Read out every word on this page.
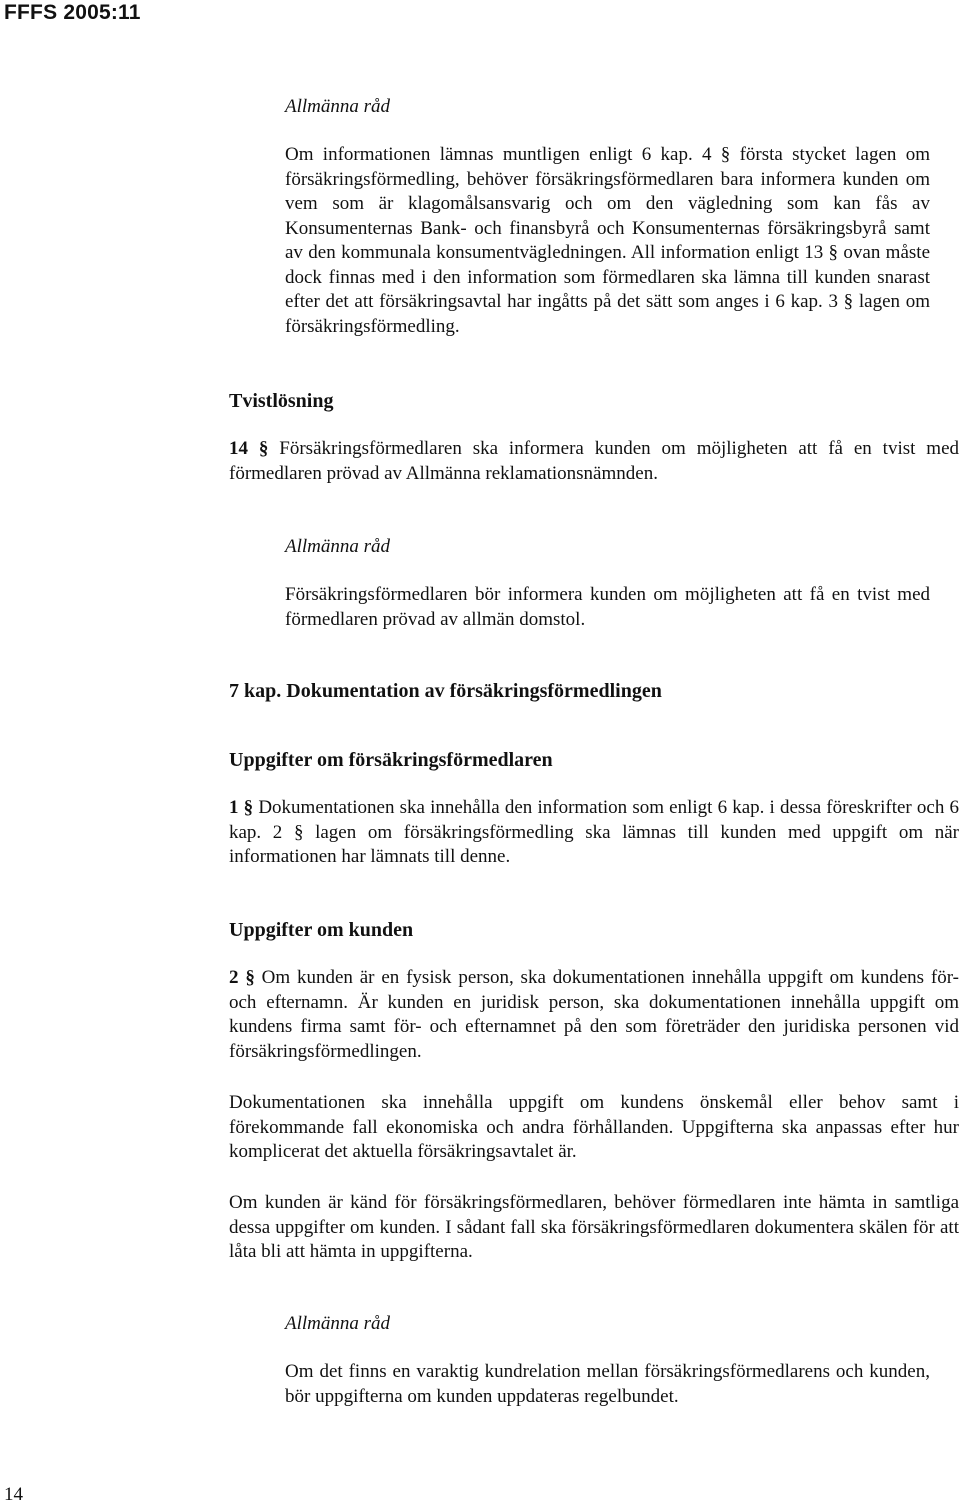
FFFS 2005:11
Allmänna råd
Om informationen lämnas muntligen enligt 6 kap. 4 § första stycket lagen om försäkringsförmedling, behöver försäkringsförmedlaren bara informera kunden om vem som är klagomålsansvarig och om den vägledning som kan fås av Konsumenternas Bank- och finansbyrå och Konsumenternas försäkringsbyrå samt av den kommunala konsumentvägledningen. All information enligt 13 § ovan måste dock finnas med i den information som förmedlaren ska lämna till kunden snarast efter det att försäkringsavtal har ingåtts på det sätt som anges i 6 kap. 3 § lagen om försäkringsförmedling.
Tvistlösning
14 § Försäkringsförmedlaren ska informera kunden om möjligheten att få en tvist med förmedlaren prövad av Allmänna reklamationsnämnden.
Allmänna råd
Försäkringsförmedlaren bör informera kunden om möjligheten att få en tvist med förmedlaren prövad av allmän domstol.
7 kap. Dokumentation av försäkringsförmedlingen
Uppgifter om försäkringsförmedlaren
1 § Dokumentationen ska innehålla den information som enligt 6 kap. i dessa föreskrifter och 6 kap. 2 § lagen om försäkringsförmedling ska lämnas till kunden med uppgift om när informationen har lämnats till denne.
Uppgifter om kunden
2 § Om kunden är en fysisk person, ska dokumentationen innehålla uppgift om kundens för- och efternamn. Är kunden en juridisk person, ska dokumentationen innehålla uppgift om kundens firma samt för- och efternamnet på den som företräder den juridiska personen vid försäkringsförmedlingen.
Dokumentationen ska innehålla uppgift om kundens önskemål eller behov samt i förekommande fall ekonomiska och andra förhållanden. Uppgifterna ska anpassas efter hur komplicerat det aktuella försäkringsavtalet är.
Om kunden är känd för försäkringsförmedlaren, behöver förmedlaren inte hämta in samtliga dessa uppgifter om kunden. I sådant fall ska försäkringsförmedlaren dokumentera skälen för att låta bli att hämta in uppgifterna.
Allmänna råd
Om det finns en varaktig kundrelation mellan försäkringsförmedlarens och kunden, bör uppgifterna om kunden uppdateras regelbundet.
14
